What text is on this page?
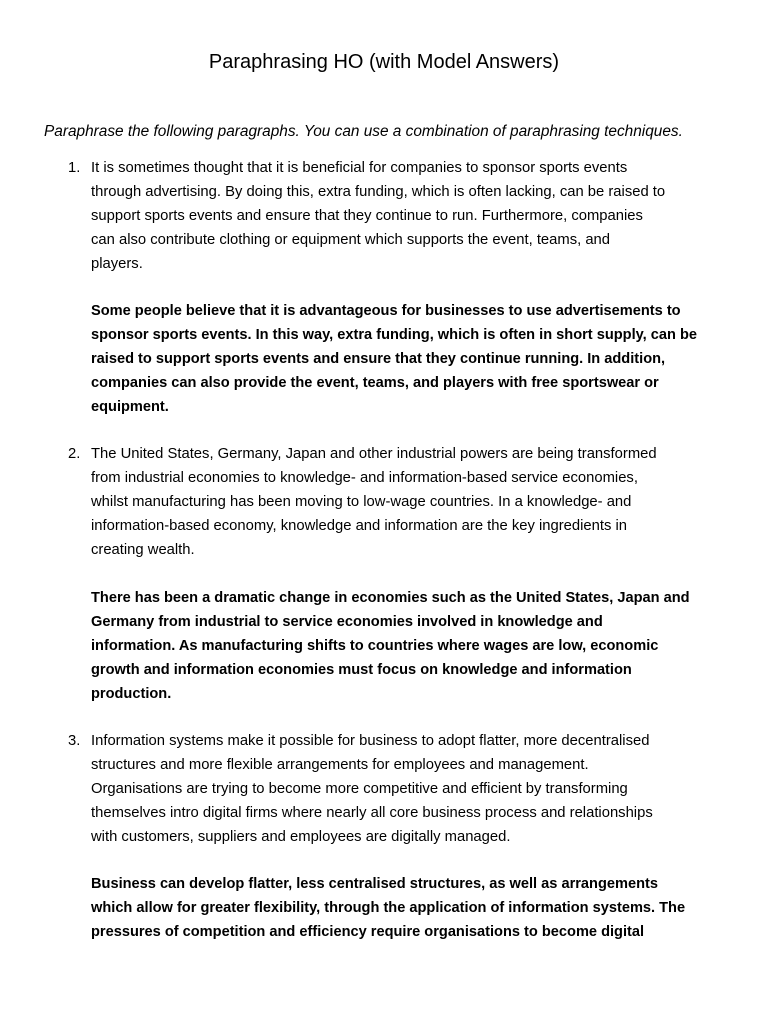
Paraphrasing HO (with Model Answers)

Paraphrase the following paragraphs. You can use a combination of paraphrasing techniques.

1. It is sometimes thought that it is beneficial for companies to sponsor sports events
through advertising. By doing this, extra funding, which is often lacking, can be raised to
support sports events and ensure that they continue to run. Furthermore, companies
can also contribute clothing or equipment which supports the event, teams, and
players.

Some people believe that it is advantageous for businesses to use advertisements to
sponsor sports events. In this way, extra funding, which is often in short supply, can be
raised to support sports events and ensure that they continue running. In addition,
companies can also provide the event, teams, and players with free sportswear or
equipment.

2. The United States, Germany, Japan and other industrial powers are being transformed
from industrial economies to knowledge- and information-based service economies,
whilst manufacturing has been moving to low-wage countries. In a knowledge- and
information-based economy, knowledge and information are the key ingredients in
creating wealth.

There has been a dramatic change in economies such as the United States, Japan and
Germany from industrial to service economies involved in knowledge and
information. As manufacturing shifts to countries where wages are low, economic
growth and information economies must focus on knowledge and information
production.

3. Information systems make it possible for business to adopt flatter, more decentralised
structures and more flexible arrangements for employees and management.
Organisations are trying to become more competitive and efficient by transforming
themselves intro digital firms where nearly all core business process and relationships
with customers, suppliers and employees are digitally managed.

Business can develop flatter, less centralised structures, as well as arrangements
which allow for greater flexibility, through the application of information systems. The
pressures of competition and efficiency require organisations to become digital
